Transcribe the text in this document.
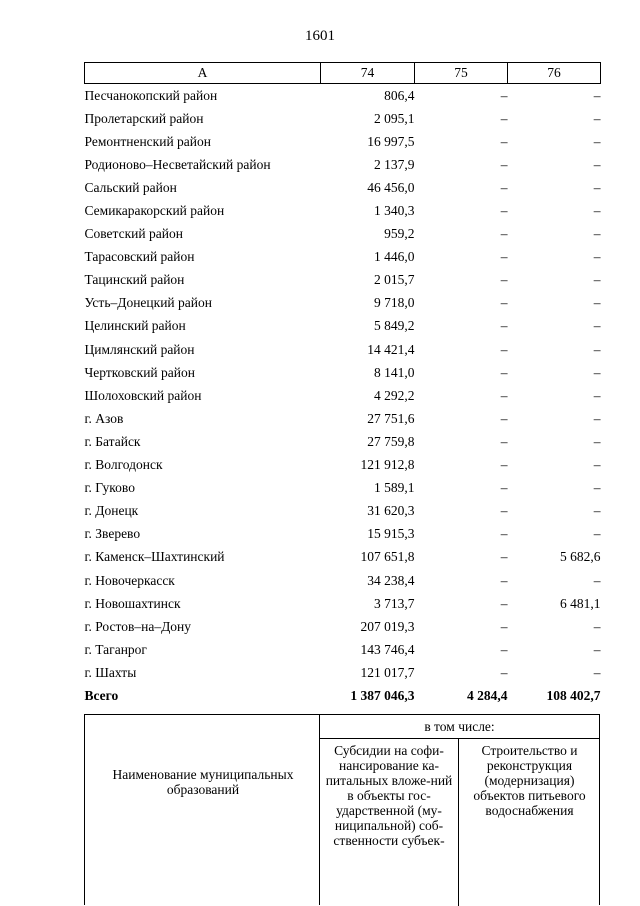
1601
А	74	75	76
Песчанокопский район	806,4	–	–
Пролетарский район	2 095,1	–	–
Ремонтненский район	16 997,5	–	–
Родионово–Несветайский район	2 137,9	–	–
Сальский район	46 456,0	–	–
Семикаракорский район	1 340,3	–	–
Советский район	959,2	–	–
Тарасовский район	1 446,0	–	–
Тацинский район	2 015,7	–	–
Усть–Донецкий район	9 718,0	–	–
Целинский район	5 849,2	–	–
Цимлянский район	14 421,4	–	–
Чертковский район	8 141,0	–	–
Шолоховский район	4 292,2	–	–
г. Азов	27 751,6	–	–
г. Батайск	27 759,8	–	–
г. Волгодонск	121 912,8	–	–
г. Гуково	1 589,1	–	–
г. Донецк	31 620,3	–	–
г. Зверево	15 915,3	–	–
г. Каменск–Шахтинский	107 651,8	–	5 682,6
г. Новочеркасск	34 238,4	–	–
г. Новошахтинск	3 713,7	–	6 481,1
г. Ростов–на–Дону	207 019,3	–	–
г. Таганрог	143 746,4	–	–
г. Шахты	121 017,7	–	–
Всего	1 387 046,3	4 284,4	108 402,7
Наименование муниципальных образований
в том числе:
Субсидии на софи-нансирование ка-питальных вложе-ний в объекты гос-ударственной (му-ниципальной) соб-ственности субъек-
Строительство и реконструкция (модернизация) объектов питьевого водоснабжения
